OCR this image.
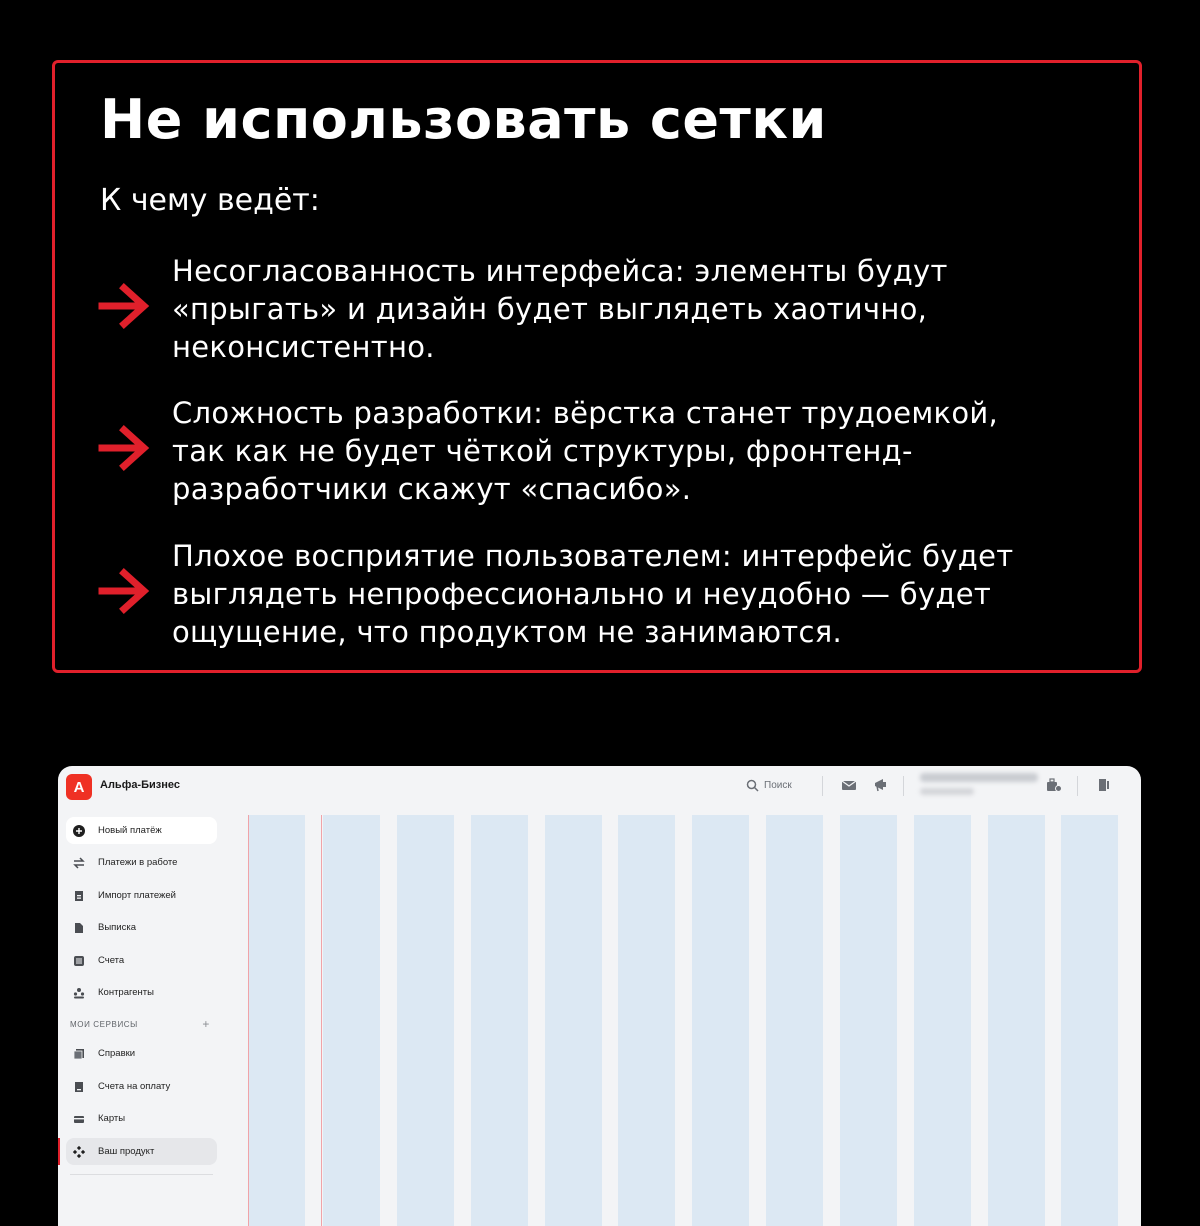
Не использовать сетки

К чему ведёт:

Несогласованность интерфейса: элементы будут
«прыгать» и дизайн будет выглядеть хаотично,
неконсистентно.
Сложность разработки: вёрстка станет трудоемкой,
так как не будет чёткой структуры, фронтенд-
разработчики скажут «спасибо».
Плохое восприятие пользователем: интерфейс будет
выглядеть непрофессионально и неудобно — будет
ощущение, что продуктом не занимаются.
А	Альфа-Бизнес	Поиск
Новый платёж
Платежи в работе
Импорт платежей
Выписка
Счета
Контрагенты
МОИ СЕРВИСЫ	+
Справки
Счета на оплату
Карты
Ваш продукт
